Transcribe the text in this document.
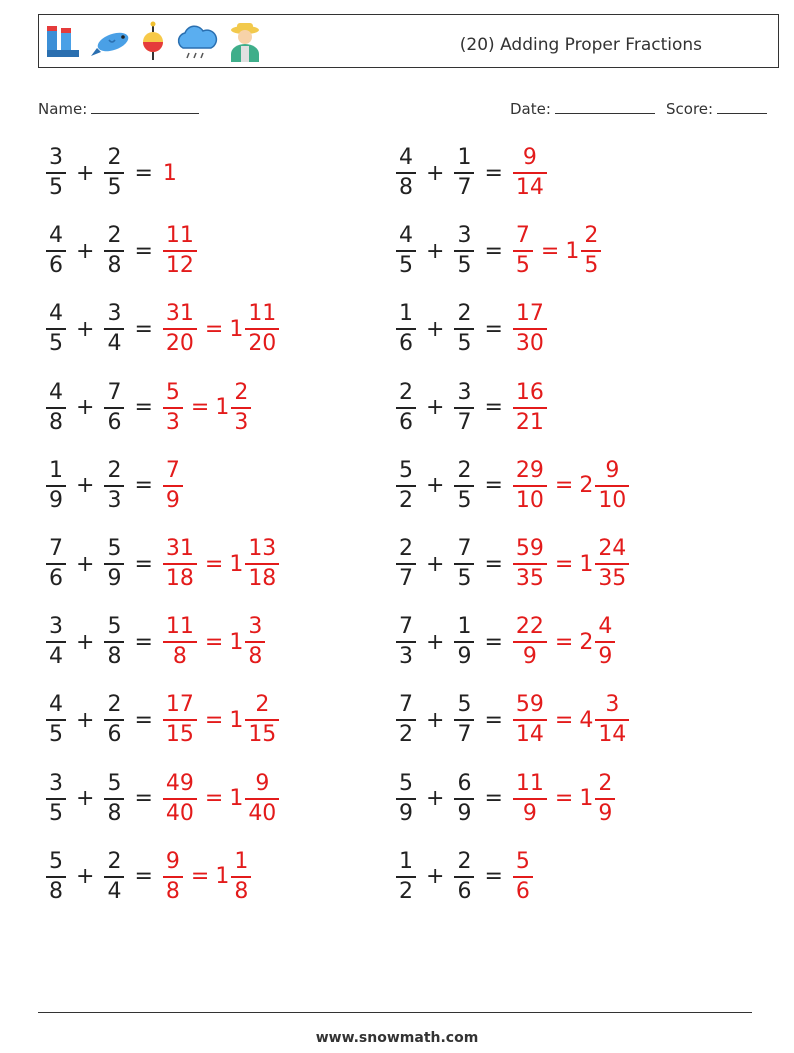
(20) Adding Proper Fractions
Name:	Date:	Score:
$\frac{3}{5} + \frac{2}{5} = 1$	$\frac{4}{8} + \frac{1}{7} = \frac{9}{14}$
$\frac{4}{6} + \frac{2}{8} = \frac{11}{12}$	$\frac{4}{5} + \frac{3}{5} = \frac{7}{5} = 1 \frac{2}{5}$
$\frac{4}{5} + \frac{3}{4} = \frac{31}{20} = 1 \frac{11}{20}$	$\frac{1}{6} + \frac{2}{5} = \frac{17}{30}$
$\frac{4}{8} + \frac{7}{6} = \frac{5}{3} = 1 \frac{2}{3}$	$\frac{2}{6} + \frac{3}{7} = \frac{16}{21}$
$\frac{1}{9} + \frac{2}{3} = \frac{7}{9}$	$\frac{5}{2} + \frac{2}{5} = \frac{29}{10} = 2 \frac{9}{10}$
$\frac{7}{6} + \frac{5}{9} = \frac{31}{18} = 1 \frac{13}{18}$	$\frac{2}{7} + \frac{7}{5} = \frac{59}{35} = 1 \frac{24}{35}$
$\frac{3}{4} + \frac{5}{8} = \frac{11}{8} = 1 \frac{3}{8}$	$\frac{7}{3} + \frac{1}{9} = \frac{22}{9} = 2 \frac{4}{9}$
$\frac{4}{5} + \frac{2}{6} = \frac{17}{15} = 1 \frac{2}{15}$	$\frac{7}{2} + \frac{5}{7} = \frac{59}{14} = 4 \frac{3}{14}$
$\frac{3}{5} + \frac{5}{8} = \frac{49}{40} = 1 \frac{9}{40}$	$\frac{5}{9} + \frac{6}{9} = \frac{11}{9} = 1 \frac{2}{9}$
$\frac{5}{8} + \frac{2}{4} = \frac{9}{8} = 1 \frac{1}{8}$	$\frac{1}{2} + \frac{2}{6} = \frac{5}{6}$
www.snowmath.com
